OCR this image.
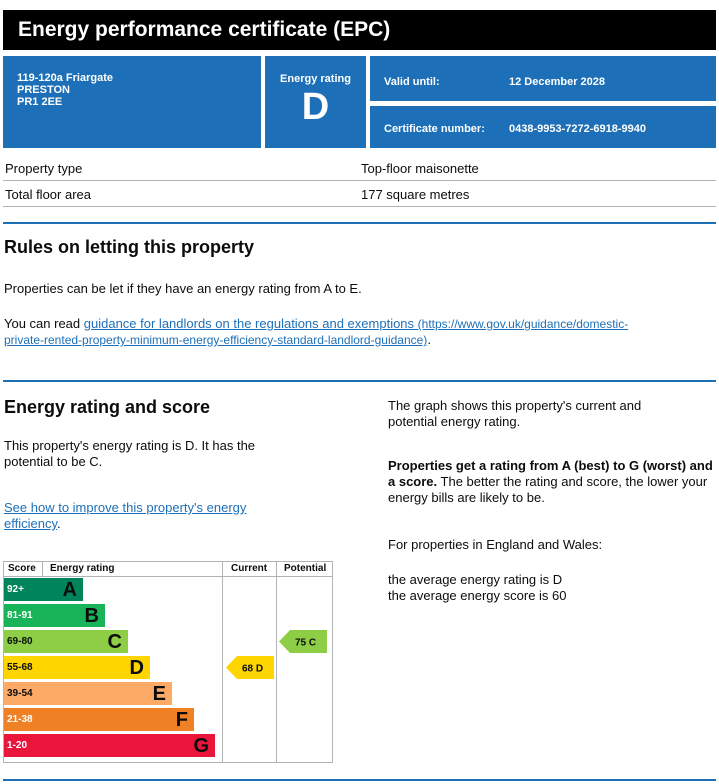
Energy performance certificate (EPC)
119-120a Friargate
PRESTON
PR1 2EE
Energy rating
D
Valid until:	12 December 2028
Certificate number: 0438-9953-7272-6918-9940
Property type	Top-floor maisonette
Total floor area	177 square metres
Rules on letting this property
Properties can be let if they have an energy rating from A to E.
You can read guidance for landlords on the regulations and exemptions (https://www.gov.uk/guidance/domestic-
private-rented-property-minimum-energy-efficiency-standard-landlord-guidance).
Energy rating and score
This property's energy rating is D. It has the potential to be C.
See how to improve this property's energy efficiency.
The graph shows this property's current and potential energy rating.
Properties get a rating from A (best) to G (worst) and a score. The better the rating and score, the lower your energy bills are likely to be.
For properties in England and Wales:
the average energy rating is D
the average energy score is 60
Score Energy rating	Current Potential
92+	A
81-91	B
69-80	C
55-68	D
39-54	E
21-38	F
1-20	G
68 D
75 C
